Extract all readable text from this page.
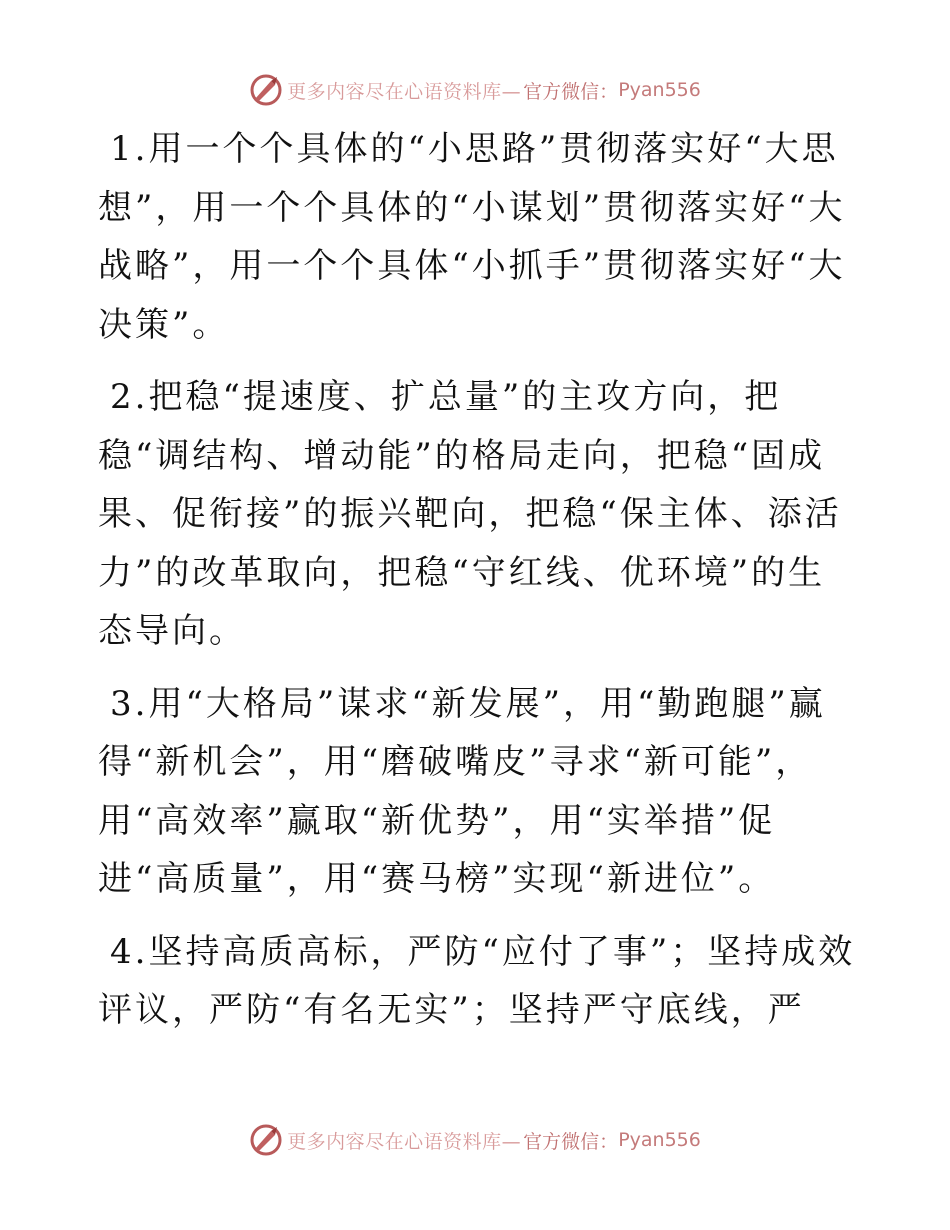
更多内容尽在心语资料库— 官方微信： Pyan556

1.用一个个具体的“小思路”贯彻落实好“大思想”，用一个个具体的“小谋划”贯彻落实好“大战略”，用一个个具体“小抓手”贯彻落实好“大决策”。

2.把稳“提速度、扩总量”的主攻方向，把稳“调结构、增动能”的格局走向，把稳“固成果、促衔接”的振兴靶向，把稳“保主体、添活力”的改革取向，把稳“守红线、优环境”的生态导向。

3.用“大格局”谋求“新发展”，用“勤跑腿”赢得“新机会”，用“磨破嘴皮”寻求“新可能”，用“高效率”赢取“新优势”，用“实举措”促进“高质量”，用“赛马榜”实现“新进位”。

4.坚持高质高标，严防“应付了事”；坚持成效评议，严防“有名无实”；坚持严守底线，严

更多内容尽在心语资料库— 官方微信： Pyan556
